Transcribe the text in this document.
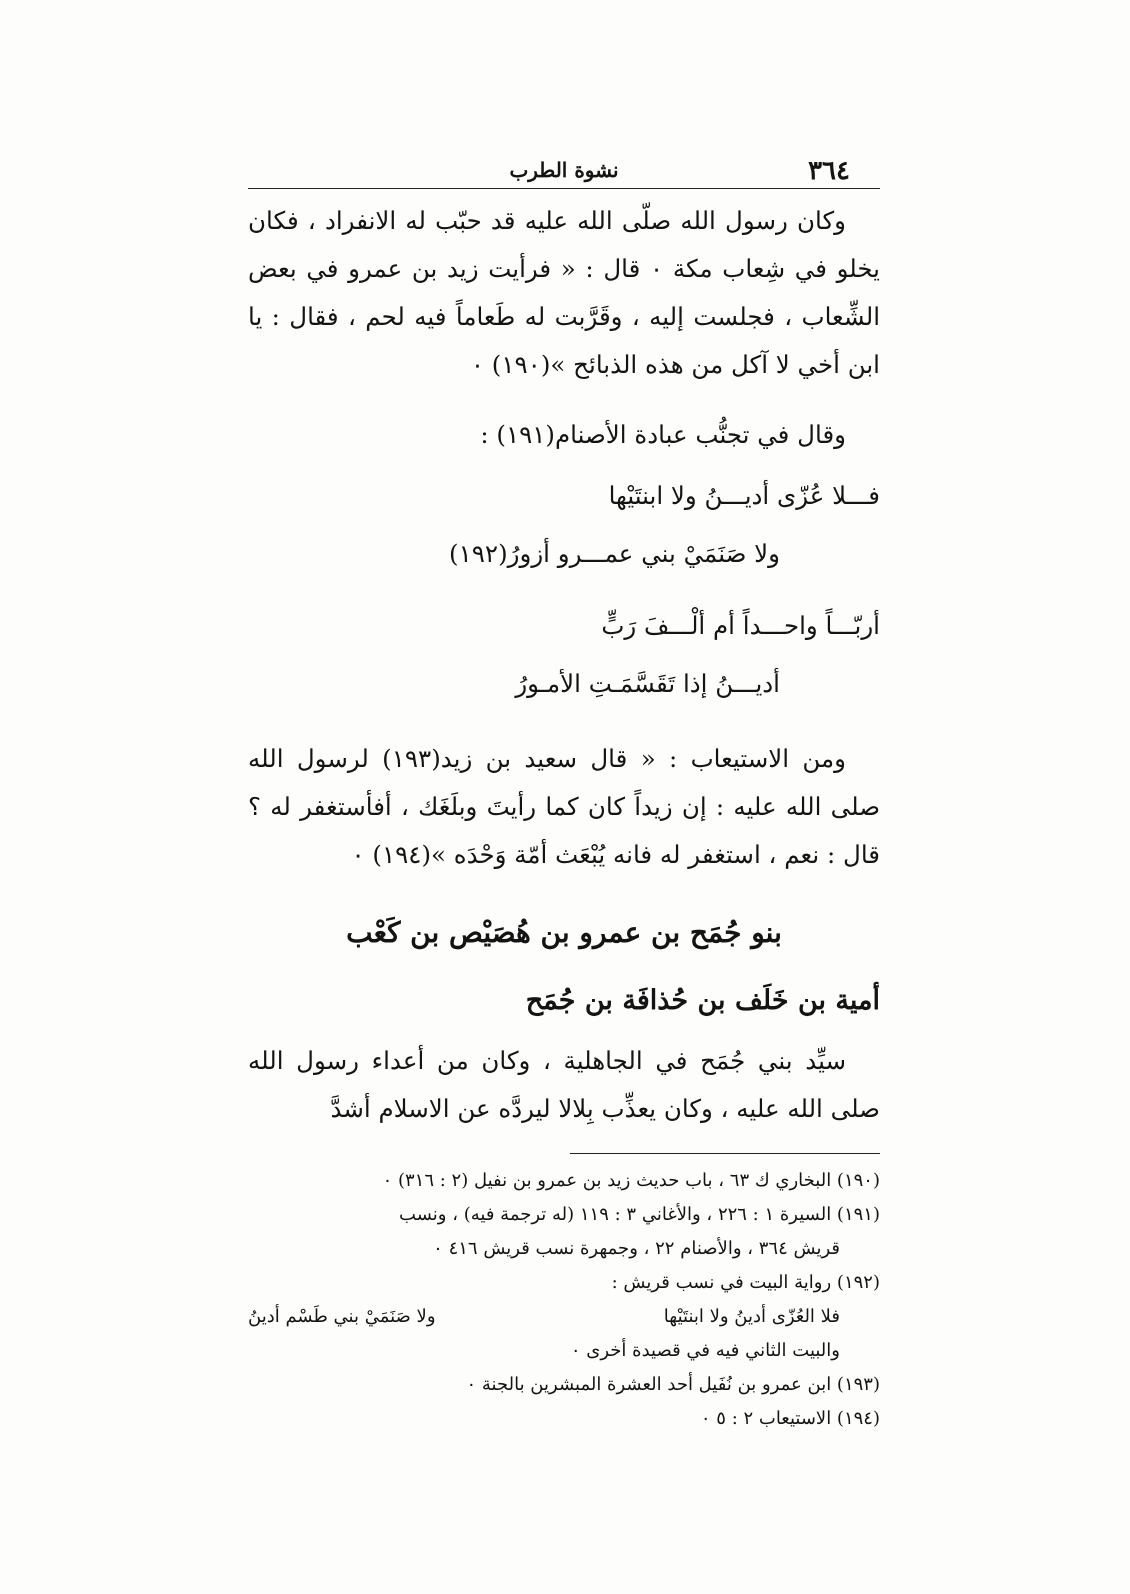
٣٦٤
نشوة الطرب

وكان رسول الله صلّى الله عليه قد حبّب له الانفراد ، فكان يخلو في شِعاب مكة ٠ قال : « فرأيت زيد بن عمرو في بعض الشِّعاب ، فجلست إليه ، وقَرَّبت له طَعاماً فيه لحم ، فقال : يا ابن أخي لا آكل من هذه الذبائح »(١٩٠) ٠

وقال في تجنُّب عبادة الأصنام(١٩١) :

فـــلا عُزّى أديـــنُ ولا ابنتَيْها
ولا صَنَمَيْ بني عمـــرو أزورُ(١٩٢)
أربّـــاً واحـــداً أم ألْـــفَ رَبٍّ
أديـــنُ إذا تَقَسَّمَـتِ الأمـورُ

ومن الاستيعاب : « قال سعيد بن زيد(١٩٣) لرسول الله صلى الله عليه : إن زيداً كان كما رأيتَ وبلَغَك ، أفأستغفر له ؟ قال : نعم ، استغفر له فانه يُبْعَث أمّة وَحْدَه »(١٩٤) ٠

بنو جُمَح بن عمرو بن هُصَيْص بن كَعْب
أمية بن خَلَف بن حُذافَة بن جُمَح

سيِّد بني جُمَح في الجاهلية ، وكان من أعداء رسول الله صلى الله عليه ، وكان يعذِّب بِلالا ليردَّه عن الاسلام أشدَّ

(١٩٠) البخاري ك ٦٣ ، باب حديث زيد بن عمرو بن نفيل (٢ : ٣١٦) ٠

(١٩١) السيرة ١ : ٢٢٦ ، والأغاني ٣ : ١١٩ (له ترجمة فيه) ، ونسب

قريش ٣٦٤ ، والأصنام ٢٢ ، وجمهرة نسب قريش ٤١٦ ٠

(١٩٢) رواية البيت في نسب قريش :

فلا العُزّى أدينُ ولا ابنتَيْها
ولا صَنَمَيْ بني طَسْم أدينُ

والبيت الثاني فيه في قصيدة أخرى ٠

(١٩٣) ابن عمرو بن نُفَيل أحد العشرة المبشرين بالجنة ٠

(١٩٤) الاستيعاب ٢ : ٥ ٠
